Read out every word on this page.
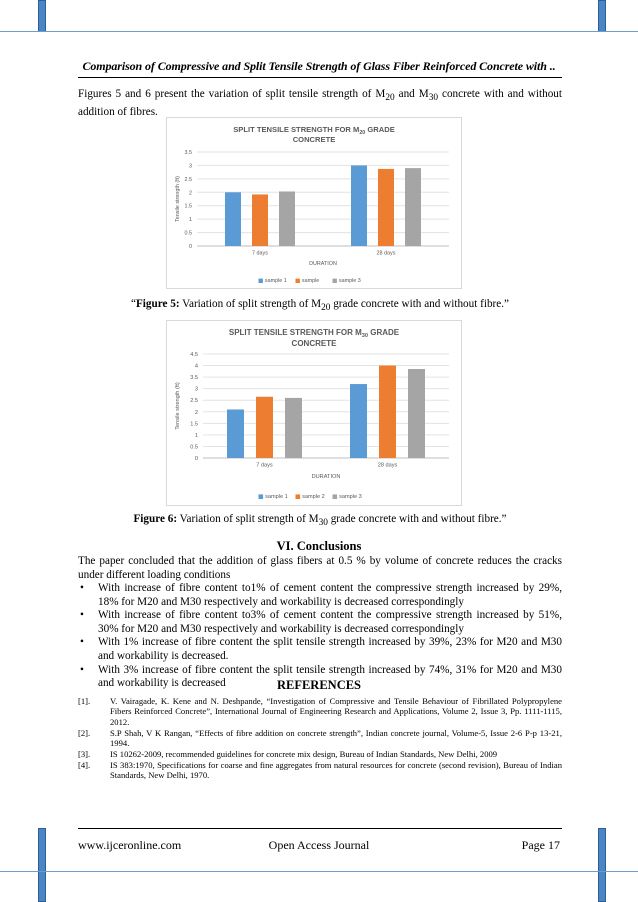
Comparison of Compressive and Split Tensile Strength of Glass Fiber Reinforced Concrete with ..

Figures 5 and 6 present the variation of split tensile strength of $M_{20}$ and $M_{30}$ concrete with and without addition of fibres.

SPLIT TENSILE STRENGTH FOR $M_{20}$ GRADE
CONCRETE
0
0.5
1
1.5
2
2.5
3
3.5
7 days	28 days
DURATION
Tensile strength (ft)
sample 1	sample	sample 3

“Figure 5: Variation of split strength of $M_{20}$ grade concrete with and without fibre.”

SPLIT TENSILE STRENGTH FOR $M_{30}$ GRADE
CONCRETE
0
0.5
1
1.5
2
2.5
3
3.5
4
4.5
7 days	28 days
DURATION
Tensile strength (ft)
sample 1	sample 2	sample 3

Figure 6: Variation of split strength of $M_{30}$ grade concrete with and without fibre.”

VI. Conclusions

The paper concluded that the addition of glass fibers at 0.5 % by volume of concrete reduces the cracks under different loading conditions

• With increase of fibre content to1% of cement content the compressive strength increased by 29%, 18% for M20 and M30 respectively and workability is decreased correspondingly
• With increase of fibre content to3% of cement content the compressive strength increased by 51%, 30% for M20 and M30 respectively and workability is decreased correspondingly
• With 1% increase of fibre content the split tensile strength increased by 39%, 23% for M20 and M30 and workability is decreased.
• With 3% increase of fibre content the split tensile strength increased by 74%, 31% for M20 and M30 and workability is decreased	REFERENCES
[1].	V. Vairagade, K. Kene and N. Deshpande, “Investigation of Compressive and Tensile Behaviour of Fibrillated Polypropylene Fibers Reinforced Concrete”, International Journal of Engineering Research and Applications, Volume 2, Issue 3, Pp. 1111-1115, 2012.
[2].	S.P Shah, V K Rangan, “Effects of fibre addition on concrete strength”, Indian concrete journal, Volume-5, Issue 2-6 P-p 13-21, 1994.
[3].	IS 10262-2009, recommended guidelines for concrete mix design, Bureau of Indian Standards, New Delhi, 2009
[4].	IS 383:1970, Specifications for coarse and fine aggregates from natural resources for concrete (second revision), Bureau of Indian Standards, New Delhi, 1970.
www.ijceronline.com	Open Access Journal	Page 17
